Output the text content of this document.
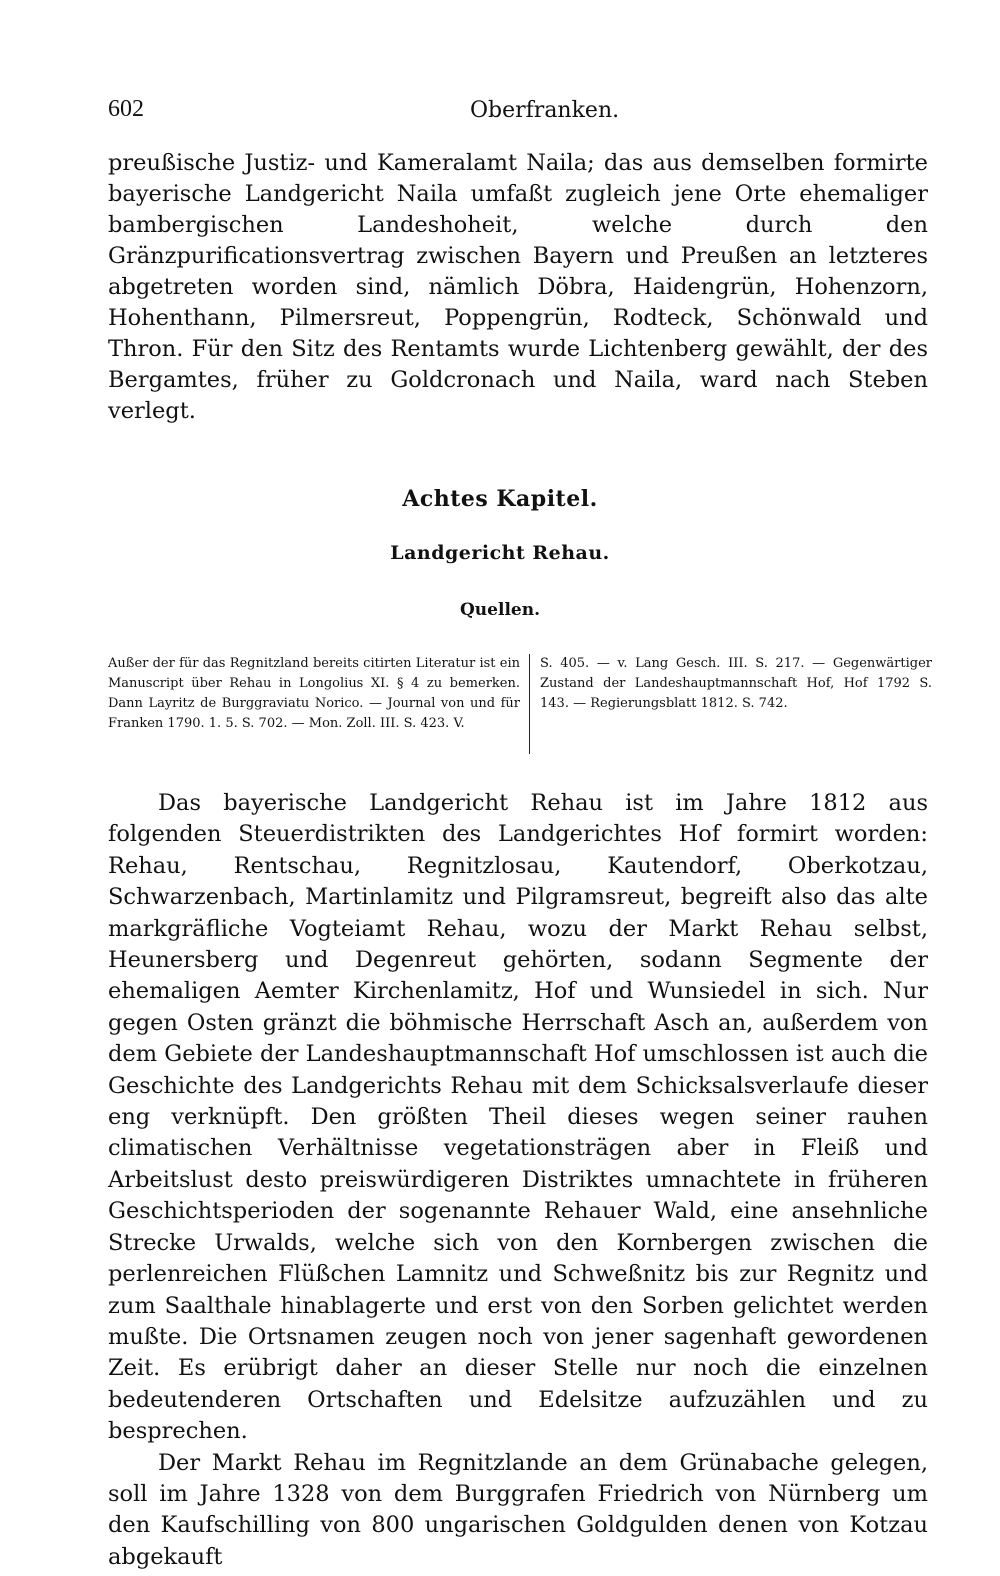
602	Oberfranken.

preußische Justiz- und Kameralamt Naila; das aus demselben formirte bayerische Landgericht Naila umfaßt zugleich jene Orte ehemaliger bambergischen Landeshoheit, welche durch den Gränzpurificationsvertrag zwischen Bayern und Preußen an letzteres abgetreten worden sind, nämlich Döbra, Haidengrün, Hohenzorn, Hohenthann, Pilmersreut, Poppengrün, Rodteck, Schönwald und Thron. Für den Sitz des Rentamts wurde Lichtenberg gewählt, der des Bergamtes, früher zu Goldcronach und Naila, ward nach Steben verlegt.

Achtes Kapitel.
Landgericht Rehau.
Quellen.

Außer der für das Regnitzland bereits citirten Literatur ist ein Manuscript über Rehau in Longolius XI. § 4 zu bemerken. Dann Layritz de Burggraviatu Norico. — Journal von und für Franken 1790. 1. 5. S. 702. — Mon. Zoll. III. S. 423. V.

S. 405. — v. Lang Gesch. III. S. 217. — Gegenwärtiger Zustand der Landeshauptmannschaft Hof, Hof 1792 S. 143. — Regierungsblatt 1812. S. 742.

Das bayerische Landgericht Rehau ist im Jahre 1812 aus folgenden Steuerdistrikten des Landgerichtes Hof formirt worden: Rehau, Rentschau, Regnitzlosau, Kautendorf, Oberkotzau, Schwarzenbach, Martinlamitz und Pilgramsreut, begreift also das alte markgräfliche Vogteiamt Rehau, wozu der Markt Rehau selbst, Heunersberg und Degenreut gehörten, sodann Segmente der ehemaligen Aemter Kirchenlamitz, Hof und Wunsiedel in sich. Nur gegen Osten gränzt die böhmische Herrschaft Asch an, außerdem von dem Gebiete der Landeshauptmannschaft Hof umschlossen ist auch die Geschichte des Landgerichts Rehau mit dem Schicksalsverlaufe dieser eng verknüpft. Den größten Theil dieses wegen seiner rauhen climatischen Verhältnisse vegetationsträgen aber in Fleiß und Arbeitslust desto preiswürdigeren Distriktes umnachtete in früheren Geschichtsperioden der sogenannte Rehauer Wald, eine ansehnliche Strecke Urwalds, welche sich von den Kornbergen zwischen die perlenreichen Flüßchen Lamnitz und Schweßnitz bis zur Regnitz und zum Saalthale hinablagerte und erst von den Sorben gelichtet werden mußte. Die Ortsnamen zeugen noch von jener sagenhaft gewordenen Zeit. Es erübrigt daher an dieser Stelle nur noch die einzelnen bedeutenderen Ortschaften und Edelsitze aufzuzählen und zu besprechen.

Der Markt Rehau im Regnitzlande an dem Grünabache gelegen, soll im Jahre 1328 von dem Burggrafen Friedrich von Nürnberg um den Kaufschilling von 800 ungarischen Goldgulden denen von Kotzau abgekauft
